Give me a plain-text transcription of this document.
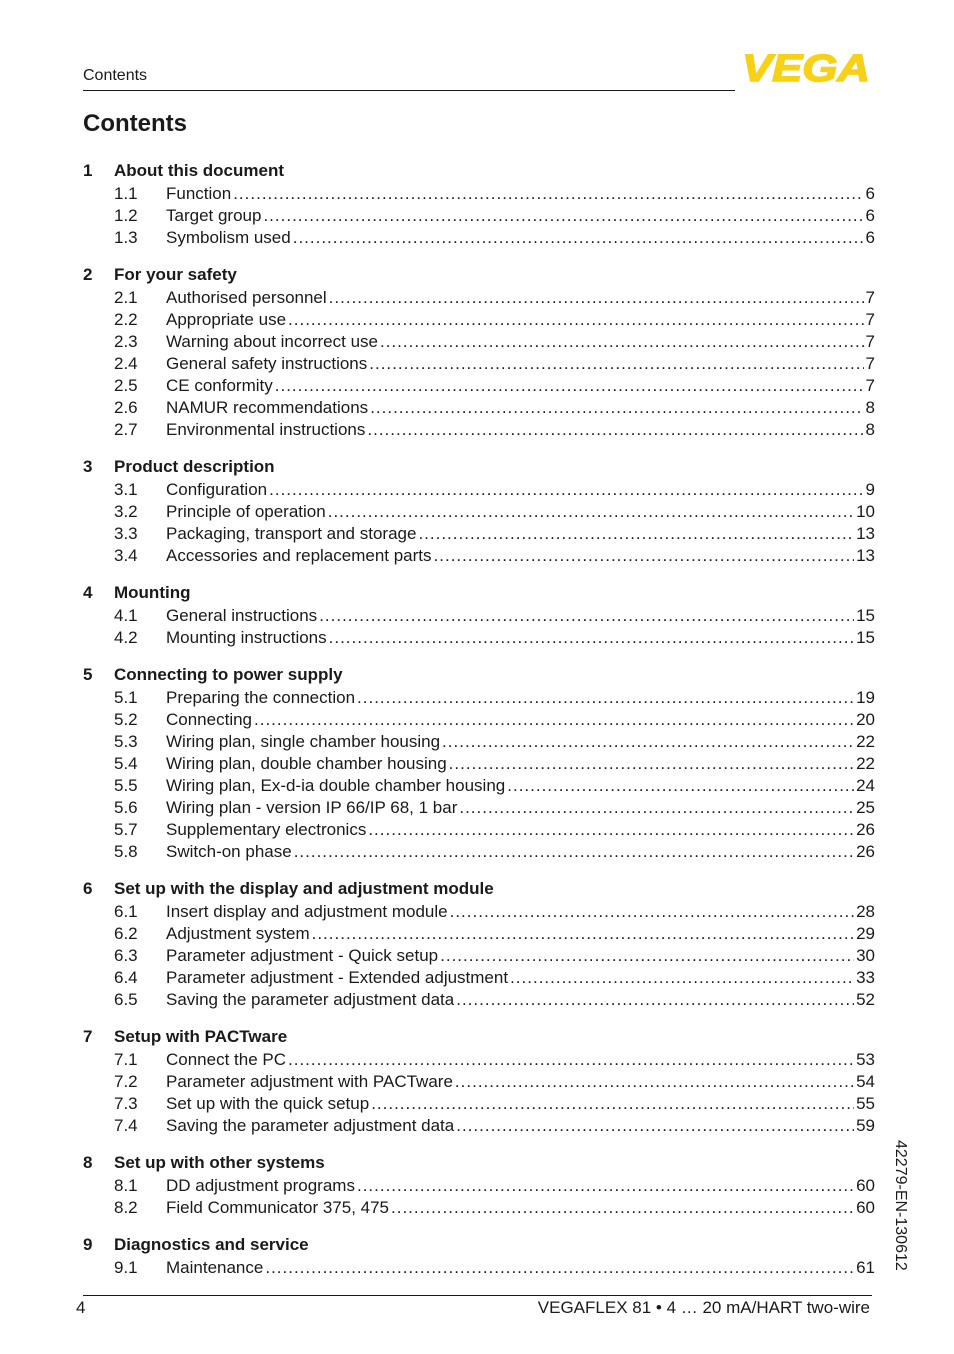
Contents	VEGA
Contents
1	About this document
1.1	Function .....	6
1.2	Target group .....	6
1.3	Symbolism used .....	6
2	For your safety
2.1	Authorised personnel .....	7
2.2	Appropriate use .....	7
2.3	Warning about incorrect use .....	7
2.4	General safety instructions .....	7
2.5	CE conformity .....	7
2.6	NAMUR recommendations .....	8
2.7	Environmental instructions .....	8
3	Product description
3.1	Configuration .....	9
3.2	Principle of operation .....	10
3.3	Packaging, transport and storage .....	13
3.4	Accessories and replacement parts .....	13
4	Mounting
4.1	General instructions .....	15
4.2	Mounting instructions .....	15
5	Connecting to power supply
5.1	Preparing the connection .....	19
5.2	Connecting .....	20
5.3	Wiring plan, single chamber housing .....	22
5.4	Wiring plan, double chamber housing .....	22
5.5	Wiring plan, Ex-d-ia double chamber housing .....	24
5.6	Wiring plan - version IP 66/IP 68, 1 bar .....	25
5.7	Supplementary electronics .....	26
5.8	Switch-on phase .....	26
6	Set up with the display and adjustment module
6.1	Insert display and adjustment module .....	28
6.2	Adjustment system .....	29
6.3	Parameter adjustment - Quick setup .....	30
6.4	Parameter adjustment - Extended adjustment .....	33
6.5	Saving the parameter adjustment data .....	52
7	Setup with PACTware
7.1	Connect the PC .....	53
7.2	Parameter adjustment with PACTware .....	54
7.3	Set up with the quick setup .....	55
7.4	Saving the parameter adjustment data .....	59
8	Set up with other systems
8.1	DD adjustment programs .....	60
8.2	Field Communicator 375, 475 .....	60
9	Diagnostics and service
9.1	Maintenance .....	61 42279-EN-130612
4	VEGAFLEX 81 • 4 … 20 mA/HART two-wire
